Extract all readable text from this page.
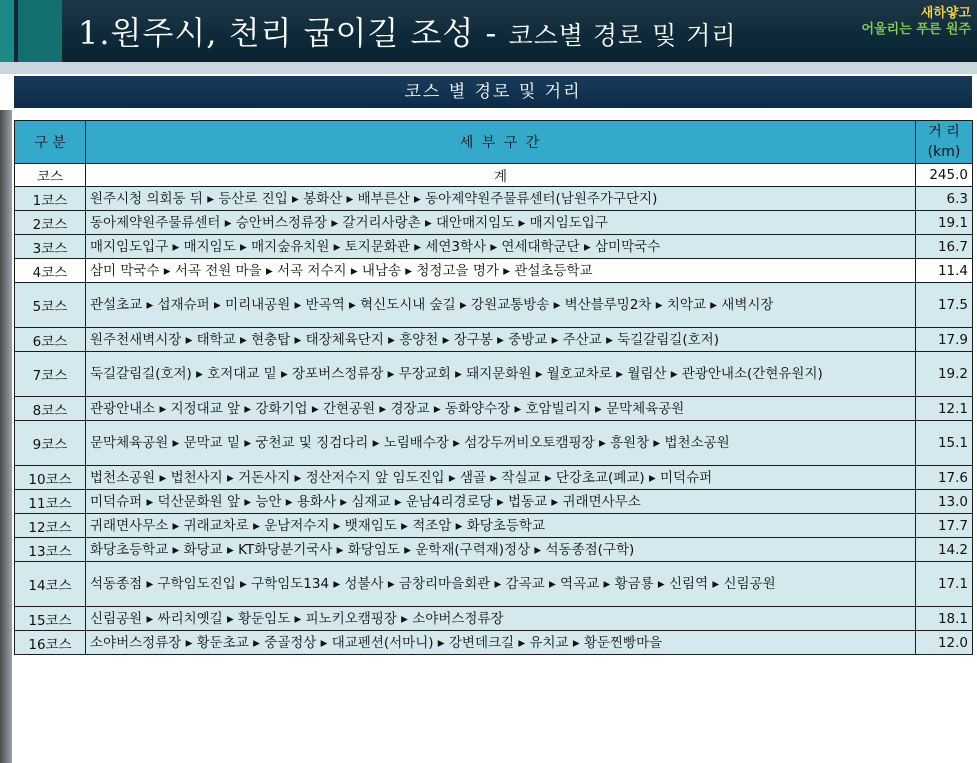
1.원주시, 천리 굽이길 조성 - 코스별 경로 및 거리
새하얗고
어울리는 푸른 원주
코스 별 경로 및 거리
구 분	세 부 구 간	거 리
(km)
코스	계	245.0
1코스	원주시청 의회동 뒤 ▸ 등산로 진입 ▸ 봉화산 ▸ 배부른산 ▸ 동아제약원주물류센터(남원주가구단지)	6.3
2코스	동아제약원주물류센터 ▸ 승안버스정류장 ▸ 갈거리사랑촌 ▸ 대안매지임도 ▸ 매지임도입구	19.1
3코스	매지임도입구 ▸ 매지임도 ▸ 매지숲유치원 ▸ 토지문화관 ▸ 세연3학사 ▸ 연세대학군단 ▸ 삼미막국수	16.7
4코스	삼미 막국수 ▸ 서곡 전원 마을 ▸ 서곡 저수지 ▸ 내남송 ▸ 청정고을 명가 ▸ 관설초등학교	11.4
5코스	관설초교 ▸ 섭재슈퍼 ▸ 미리내공원 ▸ 반곡역 ▸ 혁신도시내 숲길 ▸ 강원교통방송 ▸ 벽산블루밍2차 ▸ 치악교 ▸ 새벽시장	17.5
6코스	원주천새벽시장 ▸ 태학교 ▸ 현충탑 ▸ 태장체육단지 ▸ 흥양천 ▸ 장구봉 ▸ 중방교 ▸ 주산교 ▸ 둑길갈림길(호저)	17.9
7코스	둑길갈림길(호저) ▸ 호저대교 밑 ▸ 장포버스정류장 ▸ 무장교회 ▸ 돼지문화원 ▸ 월호교차로 ▸ 월림산 ▸ 관광안내소(간현유원지)	19.2
8코스	관광안내소 ▸ 지정대교 앞 ▸ 강화기업 ▸ 간현공원 ▸ 경장교 ▸ 동화양수장 ▸ 호암빌리지 ▸ 문막체육공원	12.1
9코스	문막체육공원 ▸ 문막교 밑 ▸ 궁천교 및 징검다리 ▸ 노림배수장 ▸ 섬강두꺼비오토캠핑장 ▸ 흥원창 ▸ 법천소공원	15.1
10코스	법천소공원 ▸ 법천사지 ▸ 거돈사지 ▸ 정산저수지 앞 임도진입 ▸ 샘골 ▸ 작실교 ▸ 단강초교(폐교) ▸ 미덕슈퍼	17.6
11코스	미덕슈퍼 ▸ 덕산문화원 앞 ▸ 능안 ▸ 용화사 ▸ 심재교 ▸ 운남4리경로당 ▸ 법동교 ▸ 귀래면사무소	13.0
12코스	귀래면사무소 ▸ 귀래교차로 ▸ 운남저수지 ▸ 뱃재임도 ▸ 적조암 ▸ 화당초등학교	17.7
13코스	화당초등학교 ▸ 화당교 ▸ KT화당분기국사 ▸ 화당임도 ▸ 운학재(구력재)정상 ▸ 석동종점(구학)	14.2
14코스	석동종점 ▸ 구학임도진입 ▸ 구학임도134 ▸ 성불사 ▸ 금창리마을회관 ▸ 감곡교 ▸ 역곡교 ▸ 황금룡 ▸ 신림역 ▸ 신림공원	17.1
15코스	신림공원 ▸ 싸리치옛길 ▸ 황둔임도 ▸ 피노키오캠핑장 ▸ 소야버스정류장	18.1
16코스	소야버스정류장 ▸ 황둔초교 ▸ 중골정상 ▸ 대교펜션(서마니) ▸ 강변데크길 ▸ 유치교 ▸ 황둔찐빵마을	12.0
